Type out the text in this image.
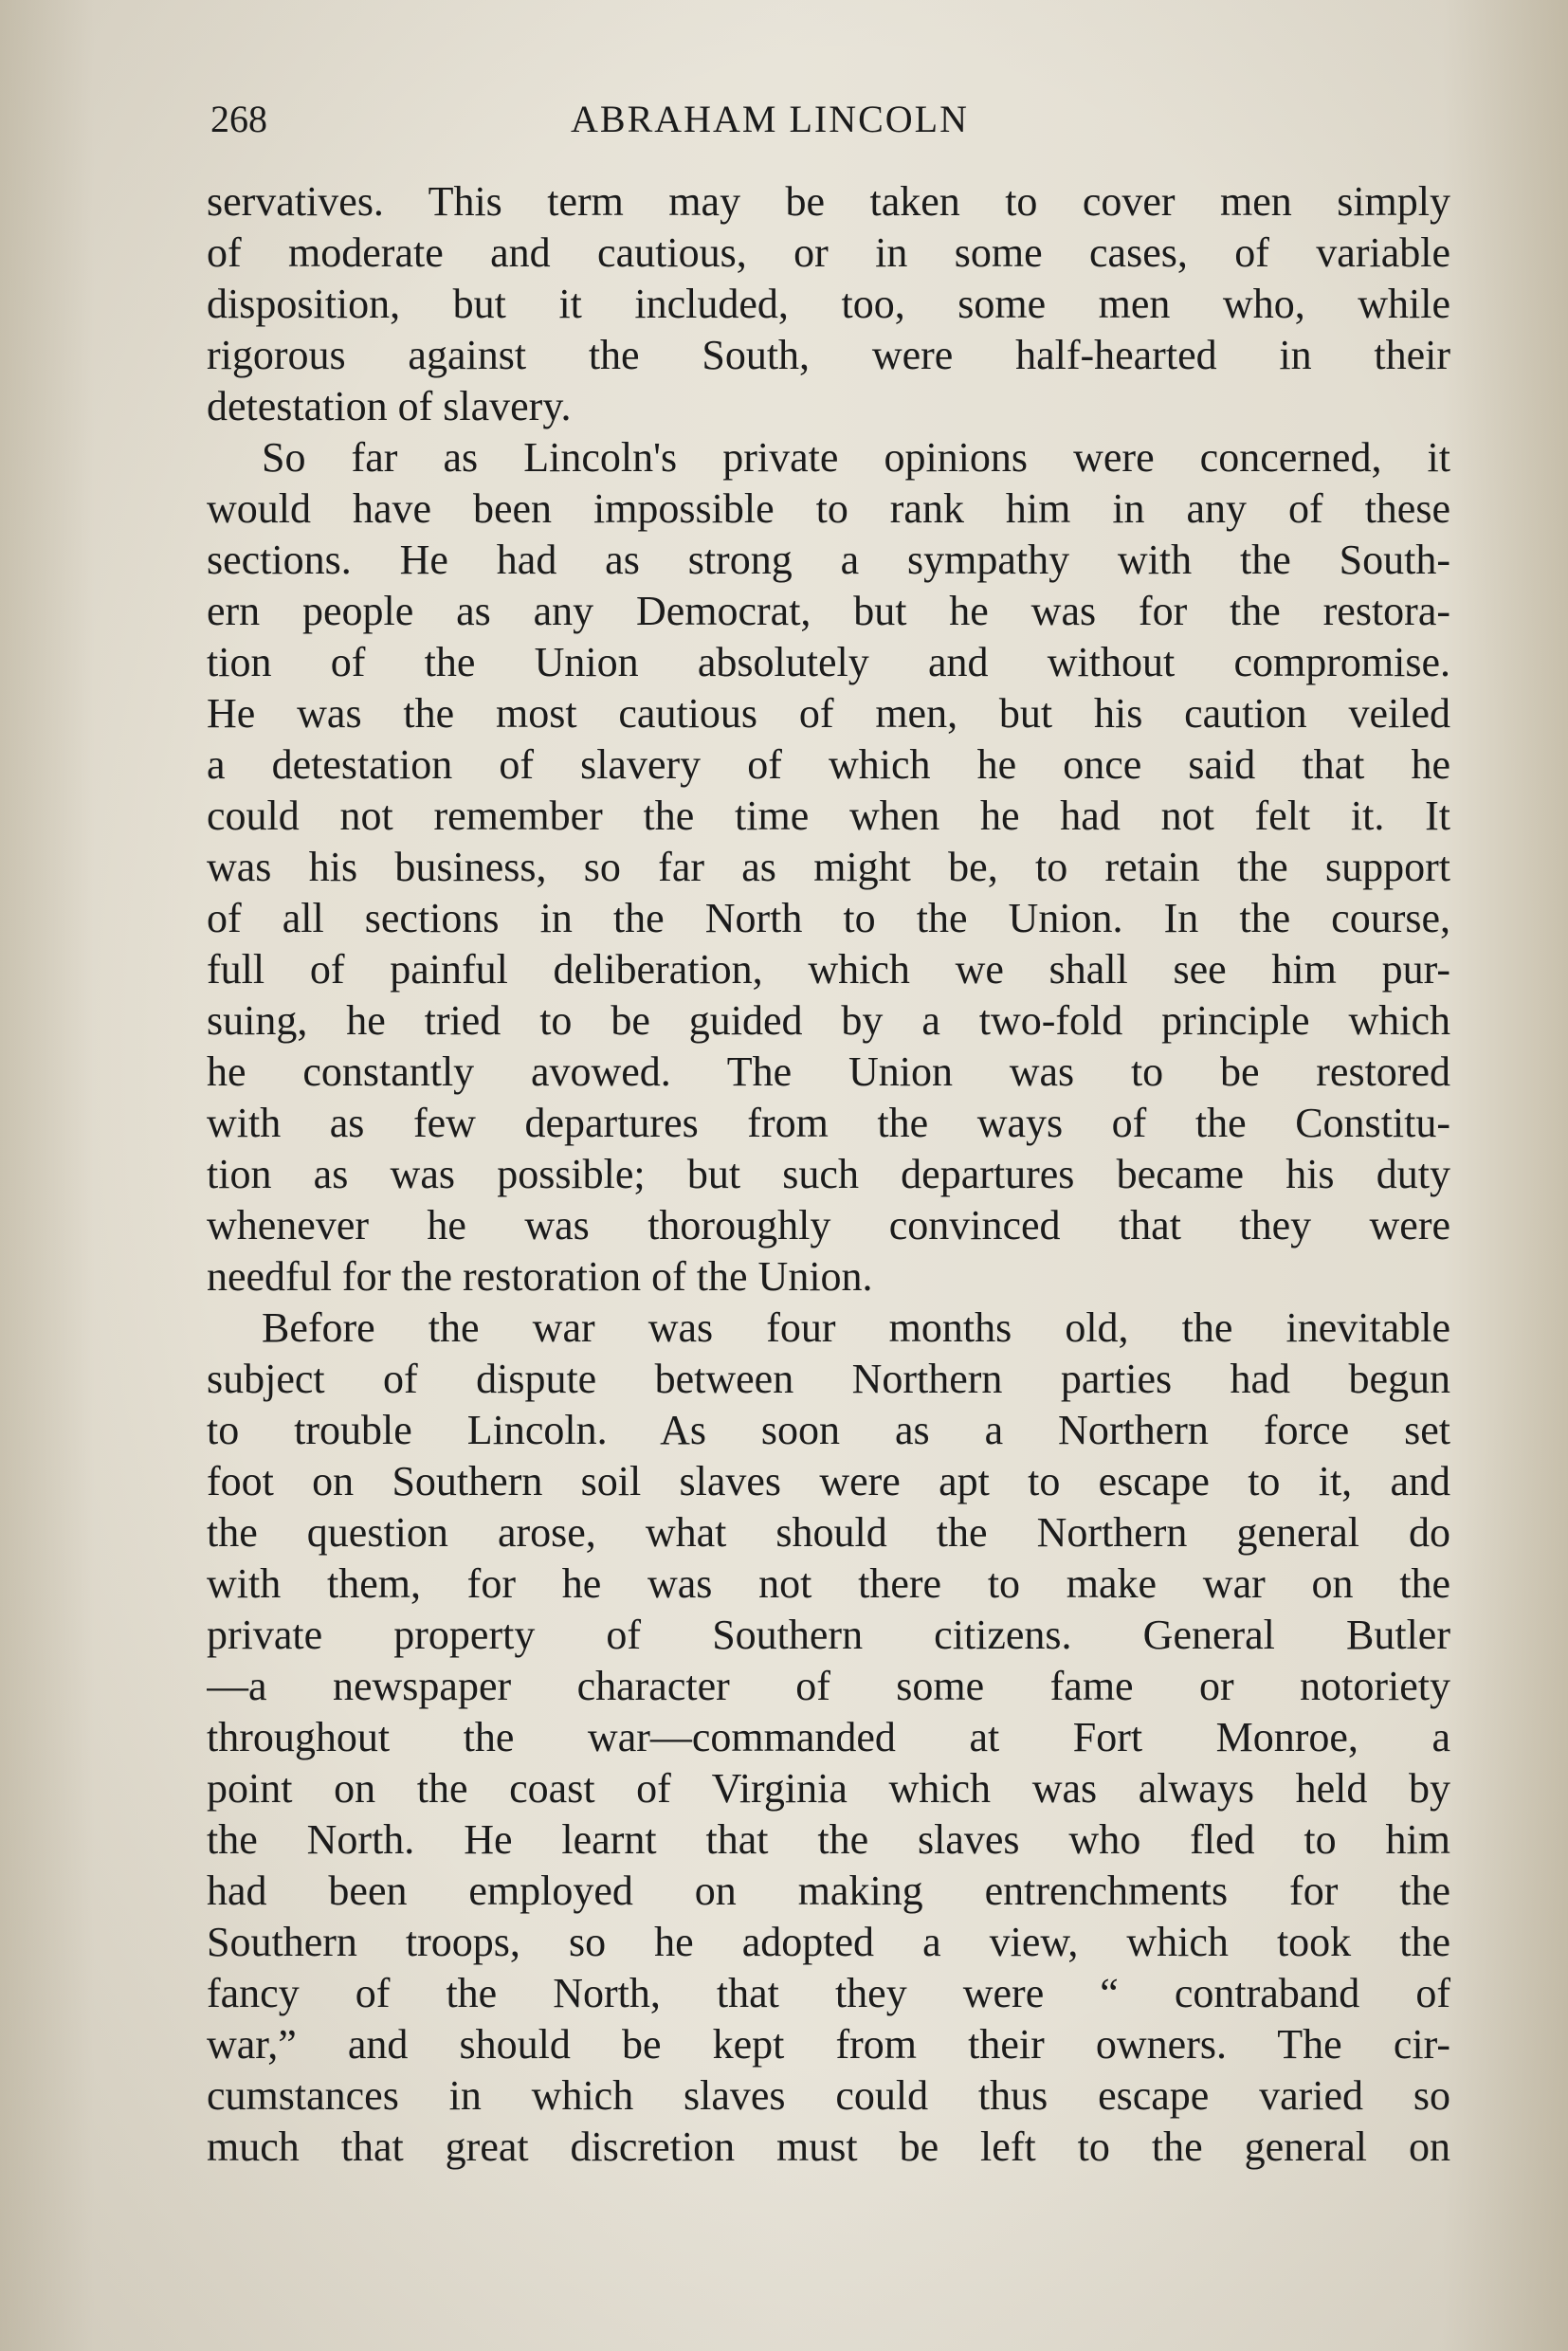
268	ABRAHAM LINCOLN
servatives. This term may be taken to cover men simply
of moderate and cautious, or in some cases, of variable
disposition, but it included, too, some men who, while
rigorous against the South, were half-hearted in their
detestation of slavery.
So far as Lincoln's private opinions were concerned, it
would have been impossible to rank him in any of these
sections. He had as strong a sympathy with the South-
ern people as any Democrat, but he was for the restora-
tion of the Union absolutely and without compromise.
He was the most cautious of men, but his caution veiled
a detestation of slavery of which he once said that he
could not remember the time when he had not felt it. It
was his business, so far as might be, to retain the support
of all sections in the North to the Union. In the course,
full of painful deliberation, which we shall see him pur-
suing, he tried to be guided by a two-fold principle which
he constantly avowed. The Union was to be restored
with as few departures from the ways of the Constitu-
tion as was possible; but such departures became his duty
whenever he was thoroughly convinced that they were
needful for the restoration of the Union.
Before the war was four months old, the inevitable
subject of dispute between Northern parties had begun
to trouble Lincoln. As soon as a Northern force set
foot on Southern soil slaves were apt to escape to it, and
the question arose, what should the Northern general do
with them, for he was not there to make war on the
private property of Southern citizens. General Butler
—a newspaper character of some fame or notoriety
throughout the war—commanded at Fort Monroe, a
point on the coast of Virginia which was always held by
the North. He learnt that the slaves who fled to him
had been employed on making entrenchments for the
Southern troops, so he adopted a view, which took the
fancy of the North, that they were “ contraband of
war,” and should be kept from their owners. The cir-
cumstances in which slaves could thus escape varied so
much that great discretion must be left to the general on
